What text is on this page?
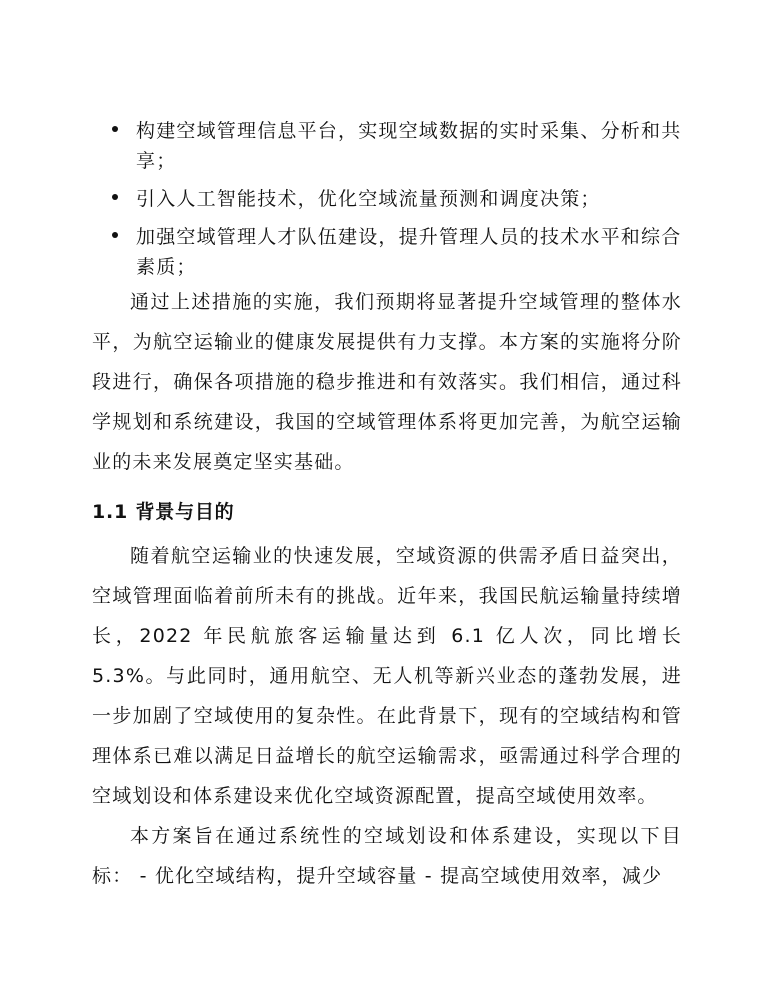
构建空域管理信息平台，实现空域数据的实时采集、分析和共享；
引入人工智能技术，优化空域流量预测和调度决策；
加强空域管理人才队伍建设，提升管理人员的技术水平和综合素质；

通过上述措施的实施，我们预期将显著提升空域管理的整体水平，为航空运输业的健康发展提供有力支撑。本方案的实施将分阶段进行，确保各项措施的稳步推进和有效落实。我们相信，通过科学规划和系统建设，我国的空域管理体系将更加完善，为航空运输业的未来发展奠定坚实基础。

1.1 背景与目的

随着航空运输业的快速发展，空域资源的供需矛盾日益突出，空域管理面临着前所未有的挑战。近年来，我国民航运输量持续增长，2022 年民航旅客运输量达到 6.1 亿人次，同比增长 5.3%。与此同时，通用航空、无人机等新兴业态的蓬勃发展，进一步加剧了空域使用的复杂性。在此背景下，现有的空域结构和管理体系已难以满足日益增长的航空运输需求，亟需通过科学合理的空域划设和体系建设来优化空域资源配置，提高空域使用效率。

本方案旨在通过系统性的空域划设和体系建设，实现以下目标： - 优化空域结构，提升空域容量 - 提高空域使用效率，减少
